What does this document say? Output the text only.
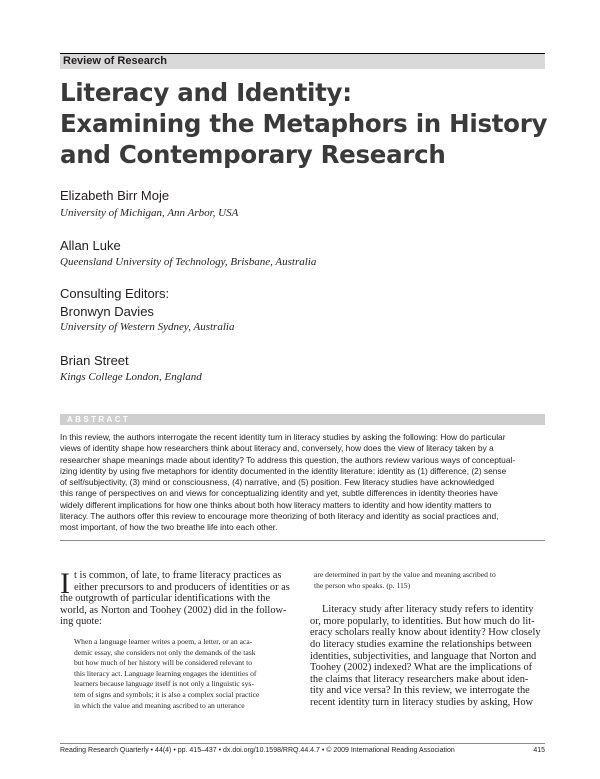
Review of Research
Literacy and Identity:
Examining the Metaphors in History
and Contemporary Research
Elizabeth Birr Moje
University of Michigan, Ann Arbor, USA
Allan Luke
Queensland University of Technology, Brisbane, Australia
Consulting Editors:
Bronwyn Davies
University of Western Sydney, Australia
Brian Street
Kings College London, England
ABSTRACT
In this review, the authors interrogate the recent identity turn in literacy studies by asking the following: How do particular
views of identity shape how researchers think about literacy and, conversely, how does the view of literacy taken by a
researcher shape meanings made about identity? To address this question, the authors review various ways of conceptual-
izing identity by using five metaphors for identity documented in the identity literature: identity as (1) difference, (2) sense
of self/subjectivity, (3) mind or consciousness, (4) narrative, and (5) position. Few literacy studies have acknowledged
this range of perspectives on and views for conceptualizing identity and yet, subtle differences in identity theories have
widely different implications for how one thinks about both how literacy matters to identity and how identity matters to
literacy. The authors offer this review to encourage more theorizing of both literacy and identity as social practices and,
most important, of how the two breathe life into each other.
I t is common, of late, to frame literacy practices as
either precursors to and producers of identities or as
the outgrowth of particular identifications with the
world, as Norton and Toohey (2002) did in the follow-
ing quote:
When a language learner writes a poem, a letter, or an aca-
demic essay, she considers not only the demands of the task
but how much of her history will be considered relevant to
this literacy act. Language learning engages the identities of
learners because language itself is not only a linguistic sys-
tem of signs and symbols; it is also a complex social practice
in which the value and meaning ascribed to an utterance
are determined in part by the value and meaning ascribed to
the person who speaks. (p. 115)
Literacy study after literacy study refers to identity
or, more popularly, to identities. But how much do lit-
eracy scholars really know about identity? How closely
do literacy studies examine the relationships between
identities, subjectivities, and language that Norton and
Toohey (2002) indexed? What are the implications of
the claims that literacy researchers make about iden-
tity and vice versa? In this review, we interrogate the
recent identity turn in literacy studies by asking, How
Reading Research Quarterly • 44(4) • pp. 415–437 • dx.doi.org/10.1598/RRQ.44.4.7 • © 2009 International Reading Association	415
